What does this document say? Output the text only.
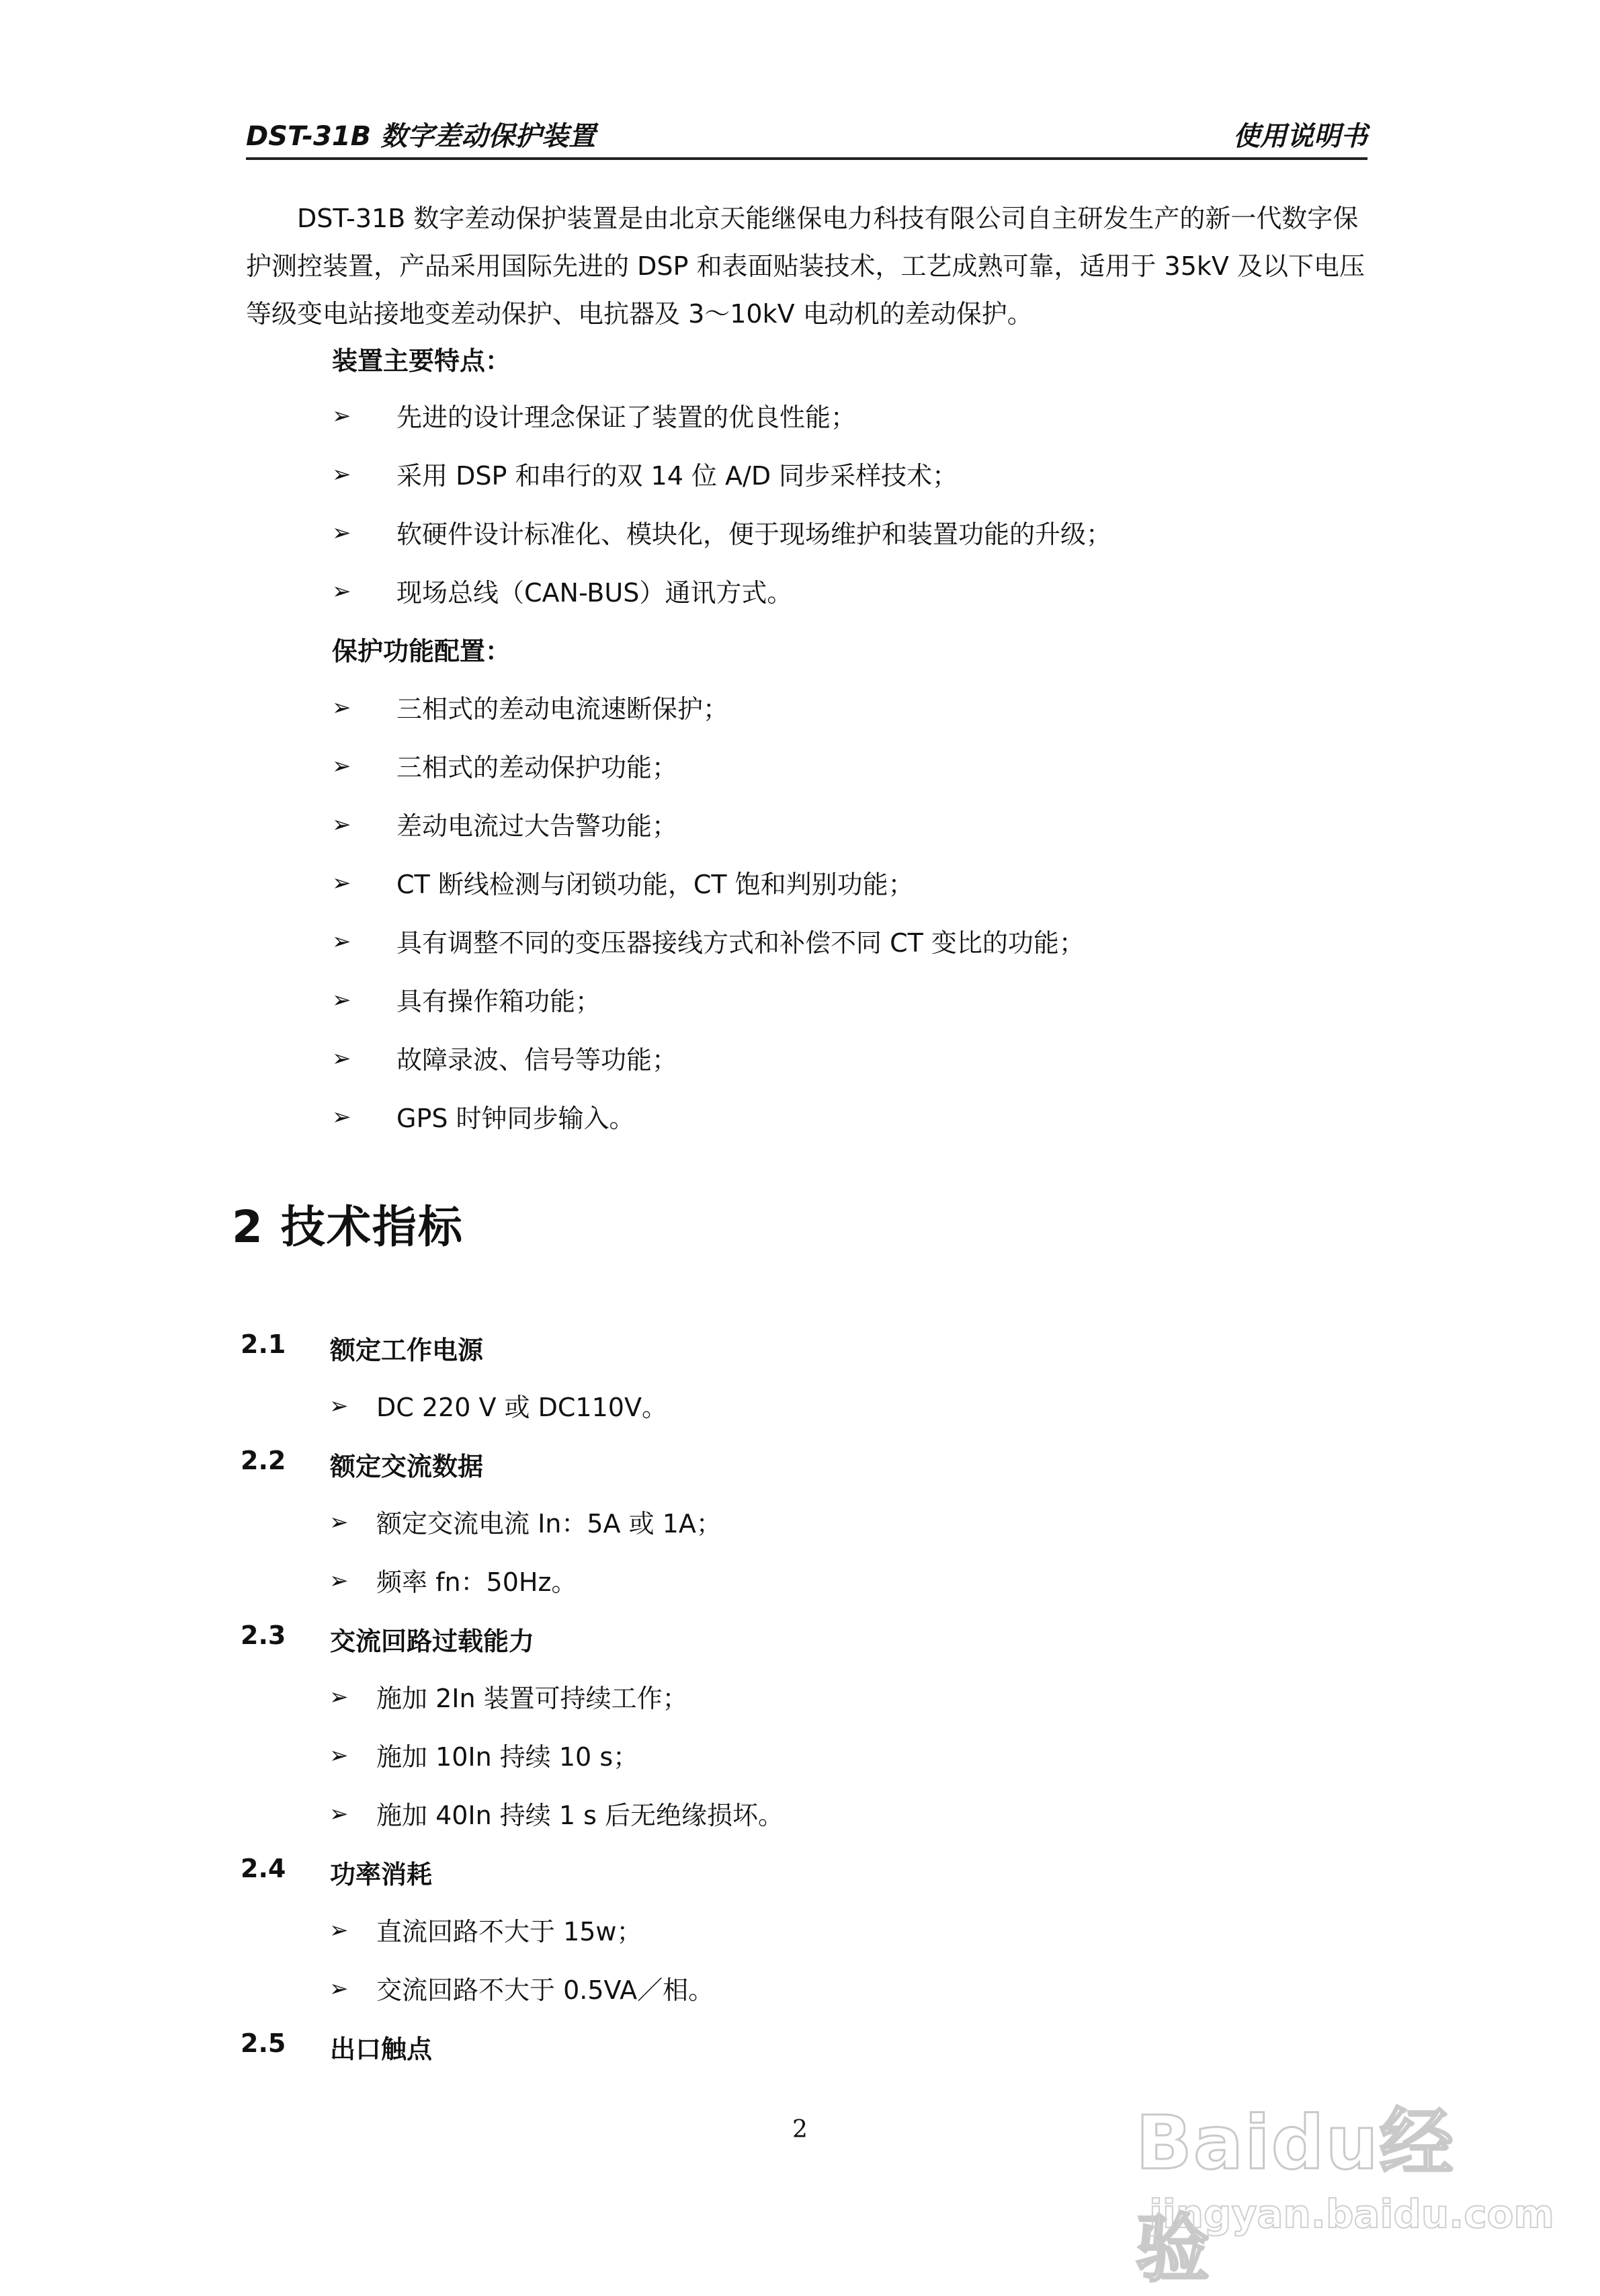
DST-31B 数字差动保护装置	使用说明书

DST-31B 数字差动保护装置是由北京天能继保电力科技有限公司自主研发生产的新一代数字保护测控装置，产品采用国际先进的 DSP 和表面贴装技术，工艺成熟可靠，适用于 35kV 及以下电压等级变电站接地变差动保护、电抗器及 3～10kV 电动机的差动保护。

装置主要特点：
➢ 先进的设计理念保证了装置的优良性能；
➢ 采用 DSP 和串行的双 14 位 A/D 同步采样技术；
➢ 软硬件设计标准化、模块化，便于现场维护和装置功能的升级；
➢ 现场总线（CAN-BUS）通讯方式。
保护功能配置：
➢ 三相式的差动电流速断保护；
➢ 三相式的差动保护功能；
➢ 差动电流过大告警功能；
➢ CT 断线检测与闭锁功能，CT 饱和判别功能；
➢ 具有调整不同的变压器接线方式和补偿不同 CT 变比的功能；
➢ 具有操作箱功能；
➢ 故障录波、信号等功能；
➢ GPS 时钟同步输入。
2 技术指标
2.1 额定工作电源
➢ DC 220 V 或 DC110V。
2.2 额定交流数据
➢ 额定交流电流 In：5A 或 1A；
➢ 频率 fn：50Hz。
2.3 交流回路过载能力
➢ 施加 2In 装置可持续工作；
➢ 施加 10In 持续 10 s；
➢ 施加 40In 持续 1 s 后无绝缘损坏。
2.4 功率消耗
➢ 直流回路不大于 15w；
➢ 交流回路不大于 0.5VA／相。
2.5 出口触点
2	Baidu经验
jingyan.baidu.com
